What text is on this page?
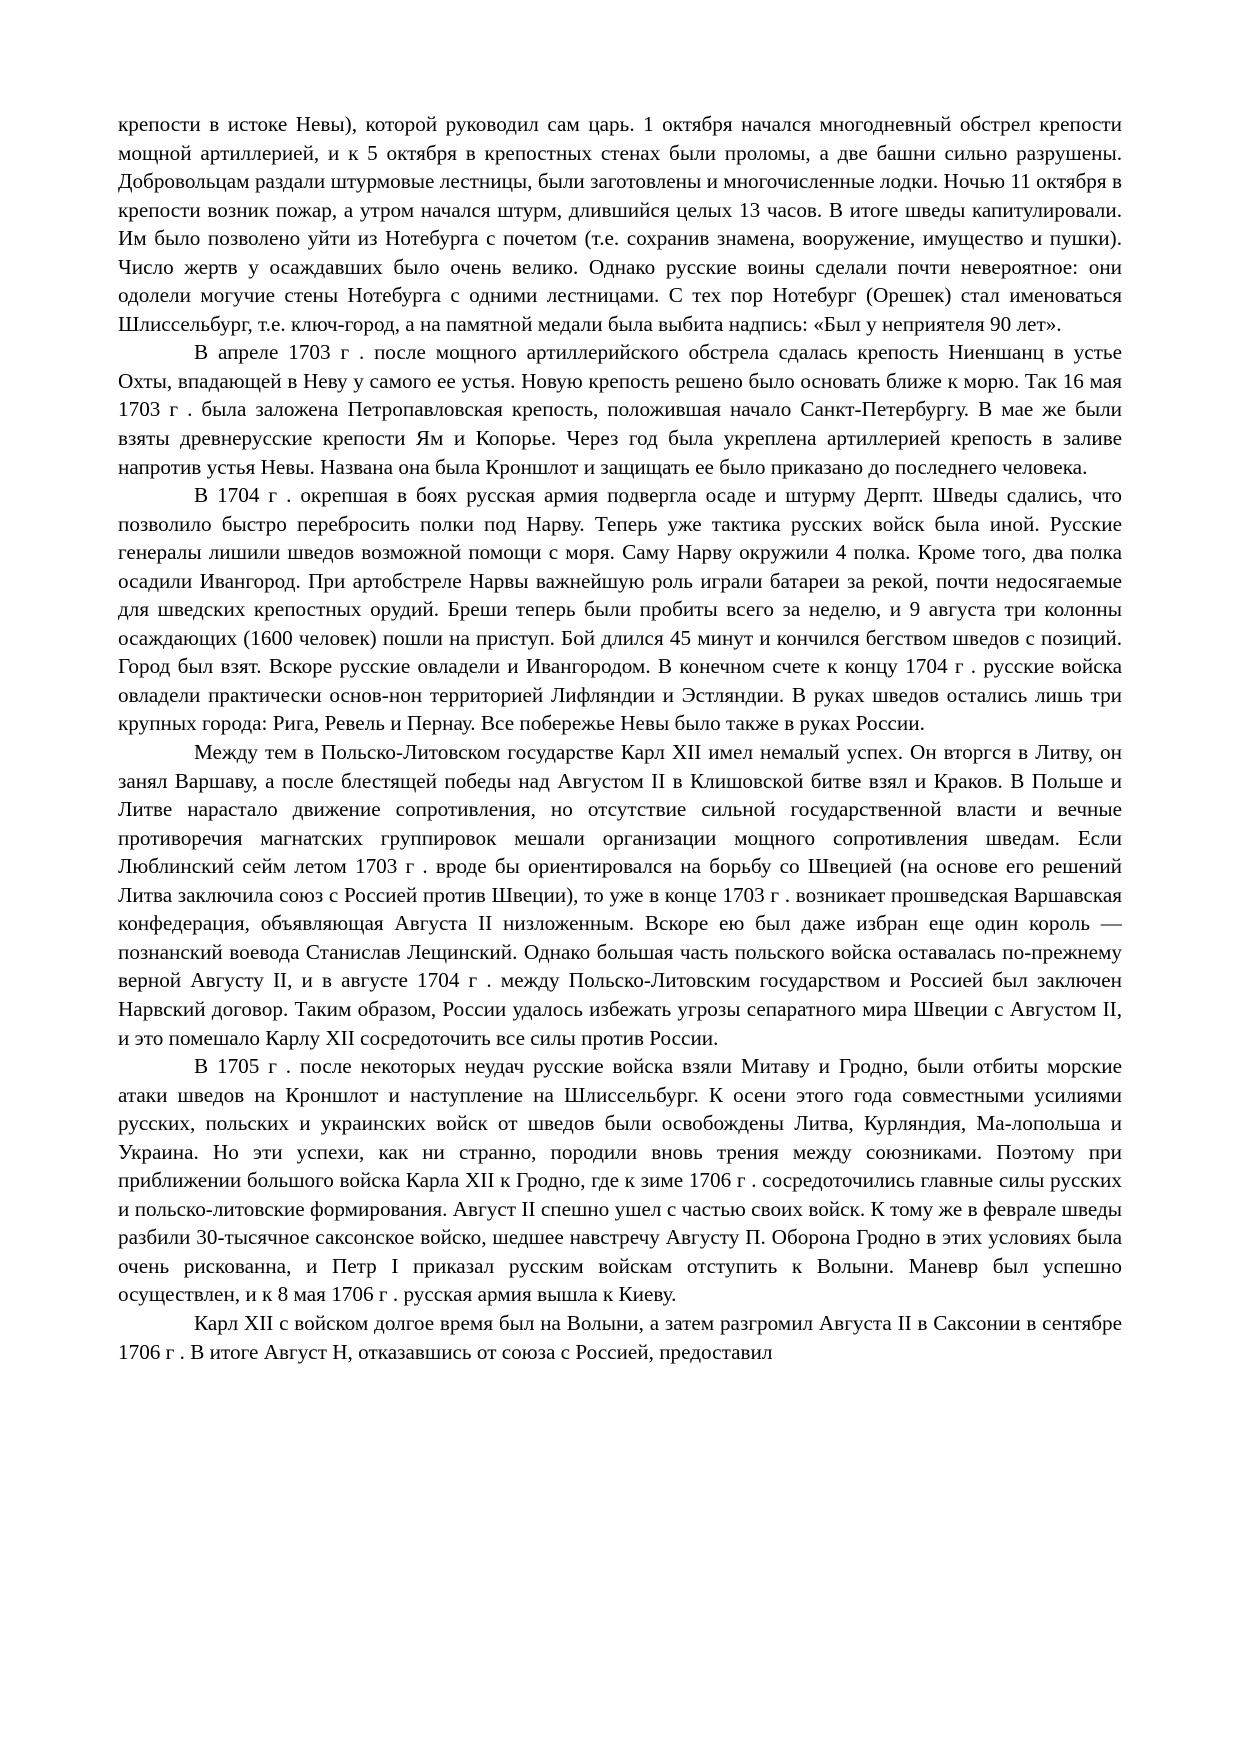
крепости в истоке Невы), которой руководил сам царь. 1 октября начался многодневный обстрел крепости мощной артиллерией, и к 5 октября в крепостных стенах были проломы, а две башни сильно разрушены. Добровольцам раздали штурмовые лестницы, были заготовлены и многочисленные лодки. Ночью 11 октября в крепости возник пожар, а утром начался штурм, длившийся целых 13 часов. В итоге шведы капитулировали. Им было позволено уйти из Нотебурга с почетом (т.е. сохранив знамена, вооружение, имущество и пушки). Число жертв у осаждавших было очень велико. Однако русские воины сделали почти невероятное: они одолели могучие стены Нотебурга с одними лестницами. С тех пор Нотебург (Орешек) стал именоваться Шлиссельбург, т.е. ключ-город, а на памятной медали была выбита надпись: «Был у неприятеля 90 лет».

В апреле 1703 г . после мощного артиллерийского обстрела сдалась крепость Ниеншанц в устье Охты, впадающей в Неву у самого ее устья. Новую крепость решено было основать ближе к морю. Так 16 мая 1703 г . была заложена Петропавловская крепость, положившая начало Санкт-Петербургу. В мае же были взяты древнерусские крепости Ям и Копорье. Через год была укреплена артиллерией крепость в заливе напротив устья Невы. Названа она была Кроншлот и защищать ее было приказано до последнего человека.

В 1704 г . окрепшая в боях русская армия подвергла осаде и штурму Дерпт. Шведы сдались, что позволило быстро перебросить полки под Нарву. Теперь уже тактика русских войск была иной. Русские генералы лишили шведов возможной помощи с моря. Саму Нарву окружили 4 полка. Кроме того, два полка осадили Ивангород. При артобстреле Нарвы важнейшую роль играли батареи за рекой, почти недосягаемые для шведских крепостных орудий. Бреши теперь были пробиты всего за неделю, и 9 августа три колонны осаждающих (1600 человек) пошли на приступ. Бой длился 45 минут и кончился бегством шведов с позиций. Город был взят. Вскоре русские овладели и Ивангородом. В конечном счете к концу 1704 г . русские войска овладели практически основ-нон территорией Лифляндии и Эстляндии. В руках шведов остались лишь три крупных города: Рига, Ревель и Пернау. Все побережье Невы было также в руках России.

Между тем в Польско-Литовском государстве Карл XII имел немалый успех. Он вторгся в Литву, он занял Варшаву, а после блестящей победы над Августом II в Клишовской битве взял и Краков. В Польше и Литве нарастало движение сопротивления, но отсутствие сильной государственной власти и вечные противоречия магнатских группировок мешали организации мощного сопротивления шведам. Если Люблинский сейм летом 1703 г . вроде бы ориентировался на борьбу со Швецией (на основе его решений Литва заключила союз с Россией против Швеции), то уже в конце 1703 г . возникает прошведская Варшавская конфедерация, объявляющая Августа II низложенным. Вскоре ею был даже избран еще один король — познанский воевода Станислав Лещинский. Однако большая часть польского войска оставалась по-прежнему верной Августу II, и в августе 1704 г . между Польско-Литовским государством и Россией был заключен Нарвский договор. Таким образом, России удалось избежать угрозы сепаратного мира Швеции с Августом II, и это помешало Карлу XII сосредоточить все силы против России.

В 1705 г . после некоторых неудач русские войска взяли Митаву и Гродно, были отбиты морские атаки шведов на Кроншлот и наступление на Шлиссельбург. К осени этого года совместными усилиями русских, польских и украинских войск от шведов были освобождены Литва, Курляндия, Ма-лопольша и Украина. Но эти успехи, как ни странно, породили вновь трения между союзниками. Поэтому при приближении большого войска Карла XII к Гродно, где к зиме 1706 г . сосредоточились главные силы русских и польско-литовские формирования. Август II спешно ушел с частью своих войск. К тому же в феврале шведы разбили 30-тысячное саксонское войско, шедшее навстречу Августу П. Оборона Гродно в этих условиях была очень рискованна, и Петр I приказал русским войскам отступить к Волыни. Маневр был успешно осуществлен, и к 8 мая 1706 г . русская армия вышла к Киеву.

Карл XII с войском долгое время был на Волыни, а затем разгромил Августа II в Саксонии в сентябре 1706 г . В итоге Август Н, отказавшись от союза с Россией, предоставил
